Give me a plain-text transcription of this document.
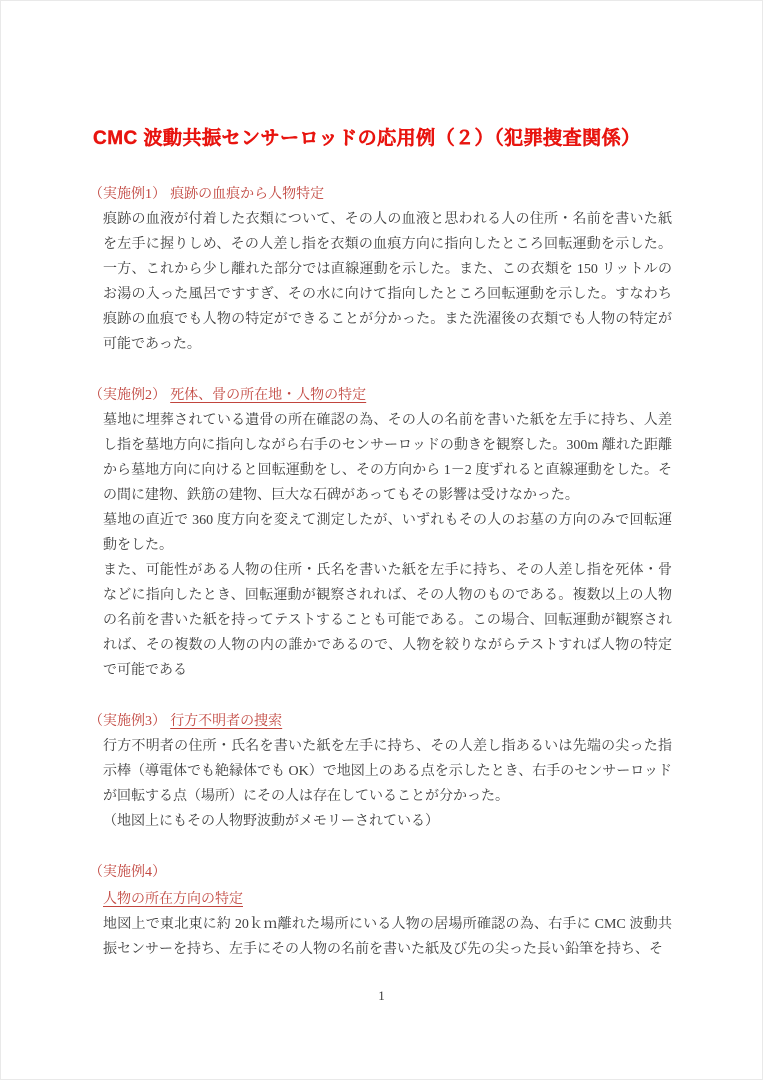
CMC 波動共振センサーロッドの応用例（２）（犯罪捜査関係）
（実施例1） 痕跡の血痕から人物特定

痕跡の血液が付着した衣類について、その人の血液と思われる人の住所・名前を書いた紙を左手に握りしめ、その人差し指を衣類の血痕方向に指向したところ回転運動を示した。一方、これから少し離れた部分では直線運動を示した。また、この衣類を 150 リットルのお湯の入った風呂ですすぎ、その水に向けて指向したところ回転運動を示した。すなわち痕跡の血痕でも人物の特定ができることが分かった。また洗濯後の衣類でも人物の特定が可能であった。

（実施例2） 死体、骨の所在地・人物の特定

墓地に埋葬されている遺骨の所在確認の為、その人の名前を書いた紙を左手に持ち、人差し指を墓地方向に指向しながら右手のセンサーロッドの動きを観察した。300m 離れた距離から墓地方向に向けると回転運動をし、その方向から 1－2 度ずれると直線運動をした。その間に建物、鉄筋の建物、巨大な石碑があってもその影響は受けなかった。

墓地の直近で 360 度方向を変えて測定したが、いずれもその人のお墓の方向のみで回転運動をした。

また、可能性がある人物の住所・氏名を書いた紙を左手に持ち、その人差し指を死体・骨などに指向したとき、回転運動が観察されれば、その人物のものである。複数以上の人物の名前を書いた紙を持ってテストすることも可能である。この場合、回転運動が観察されれば、その複数の人物の内の誰かであるので、人物を絞りながらテストすれば人物の特定で可能である

（実施例3） 行方不明者の捜索

行方不明者の住所・氏名を書いた紙を左手に持ち、その人差し指あるいは先端の尖った指示棒（導電体でも絶縁体でも OK）で地図上のある点を示したとき、右手のセンサーロッドが回転する点（場所）にその人は存在していることが分かった。

（地図上にもその人物野波動がメモリーされている）

（実施例4）
人物の所在方向の特定

地図上で東北東に約 20ｋｍ離れた場所にいる人物の居場所確認の為、右手に CMC 波動共振センサーを持ち、左手にその人物の名前を書いた紙及び先の尖った長い鉛筆を持ち、そ

1
